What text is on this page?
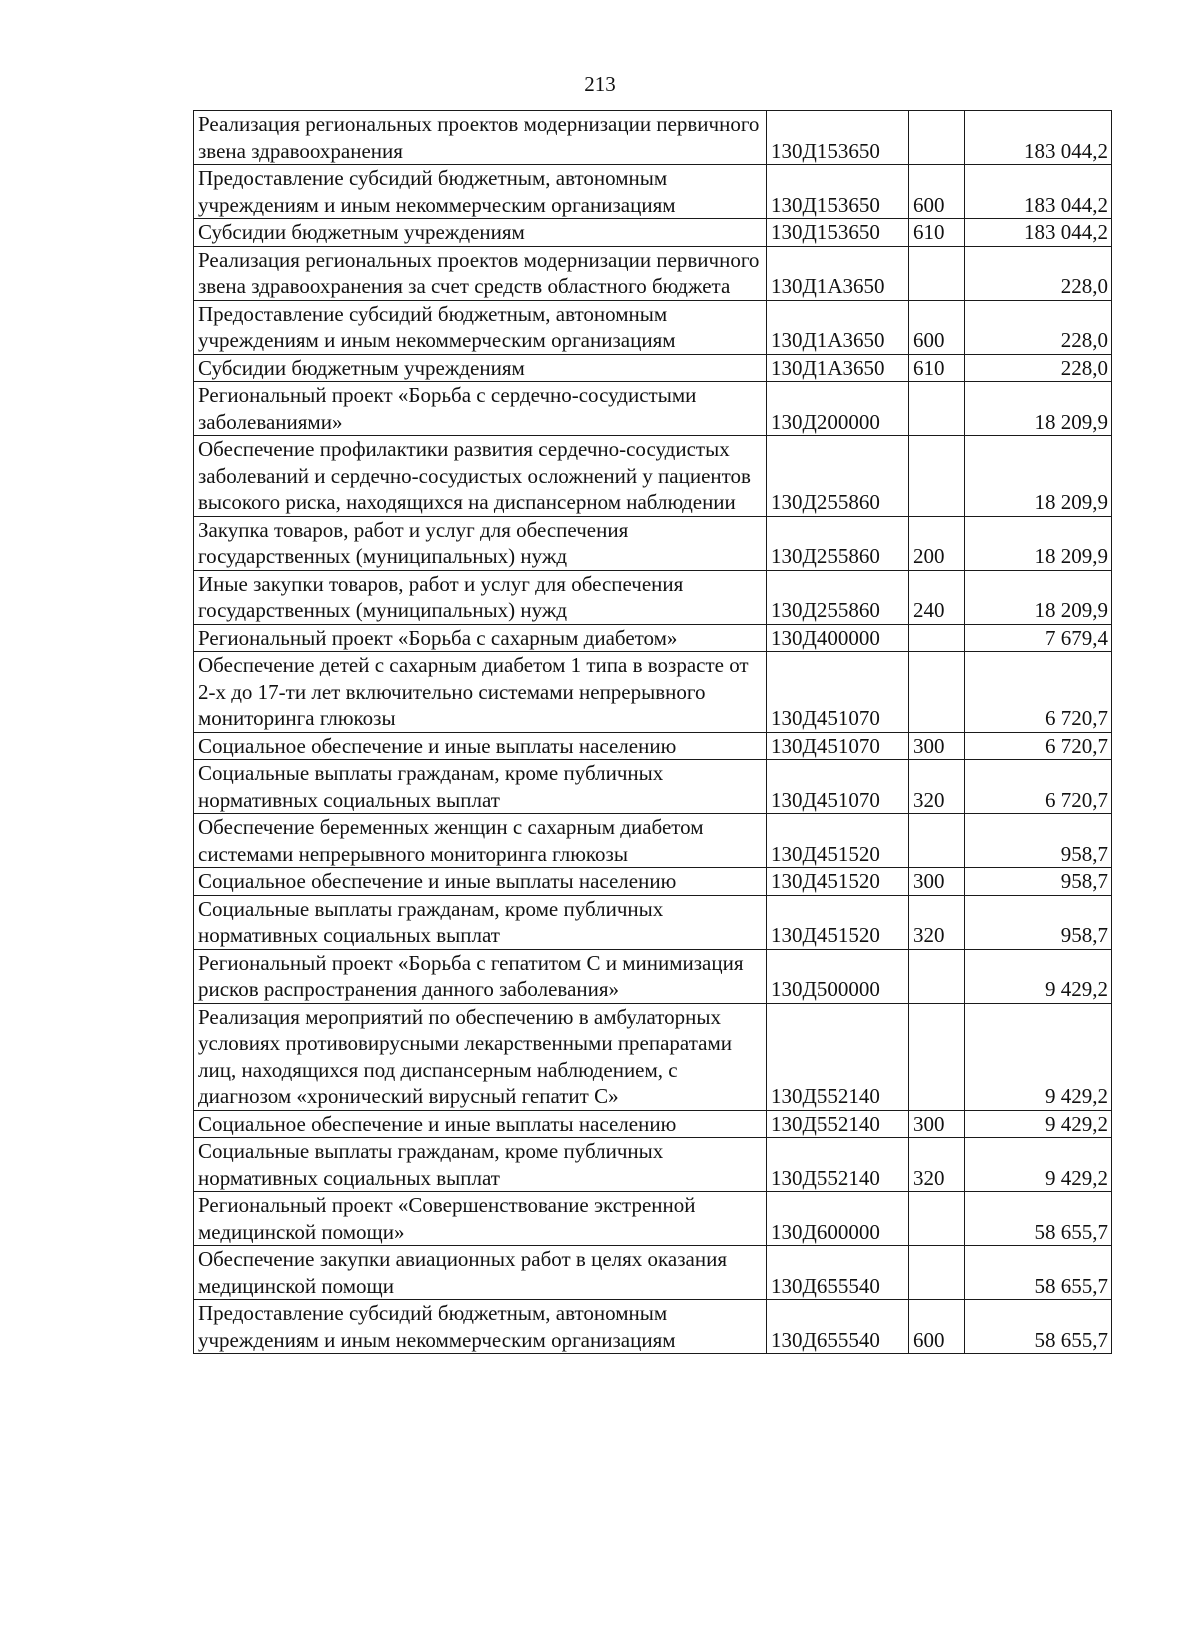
213
Реализация региональных проектов модернизации первичного звена здравоохранения	130Д153650		183 044,2
Предоставление субсидий бюджетным, автономным учреждениям и иным некоммерческим организациям	130Д153650	600	183 044,2
Субсидии бюджетным учреждениям	130Д153650	610	183 044,2
Реализация региональных проектов модернизации первичного звена здравоохранения за счет средств областного бюджета	130Д1А3650		228,0
Предоставление субсидий бюджетным, автономным учреждениям и иным некоммерческим организациям	130Д1А3650	600	228,0
Субсидии бюджетным учреждениям	130Д1А3650	610	228,0
Региональный проект «Борьба с сердечно-сосудистыми заболеваниями»	130Д200000		18 209,9
Обеспечение профилактики развития сердечно-сосудистых заболеваний и сердечно-сосудистых осложнений у пациентов высокого риска, находящихся на диспансерном наблюдении	130Д255860		18 209,9
Закупка товаров, работ и услуг для обеспечения государственных (муниципальных) нужд	130Д255860	200	18 209,9
Иные закупки товаров, работ и услуг для обеспечения государственных (муниципальных) нужд	130Д255860	240	18 209,9
Региональный проект «Борьба с сахарным диабетом»	130Д400000		7 679,4
Обеспечение детей с сахарным диабетом 1 типа в возрасте от 2-х до 17-ти лет включительно системами непрерывного мониторинга глюкозы	130Д451070		6 720,7
Социальное обеспечение и иные выплаты населению	130Д451070	300	6 720,7
Социальные выплаты гражданам, кроме публичных нормативных социальных выплат	130Д451070	320	6 720,7
Обеспечение беременных женщин с сахарным диабетом системами непрерывного мониторинга глюкозы	130Д451520		958,7
Социальное обеспечение и иные выплаты населению	130Д451520	300	958,7
Социальные выплаты гражданам, кроме публичных нормативных социальных выплат	130Д451520	320	958,7
Региональный проект «Борьба с гепатитом С и минимизация рисков распространения данного заболевания»	130Д500000		9 429,2
Реализация мероприятий по обеспечению в амбулаторных условиях противовирусными лекарственными препаратами лиц, находящихся под диспансерным наблюдением, с диагнозом «хронический вирусный гепатит С»	130Д552140		9 429,2
Социальное обеспечение и иные выплаты населению	130Д552140	300	9 429,2
Социальные выплаты гражданам, кроме публичных нормативных социальных выплат	130Д552140	320	9 429,2
Региональный проект «Совершенствование экстренной медицинской помощи»	130Д600000		58 655,7
Обеспечение закупки авиационных работ в целях оказания медицинской помощи	130Д655540		58 655,7
Предоставление субсидий бюджетным, автономным учреждениям и иным некоммерческим организациям	130Д655540	600	58 655,7
